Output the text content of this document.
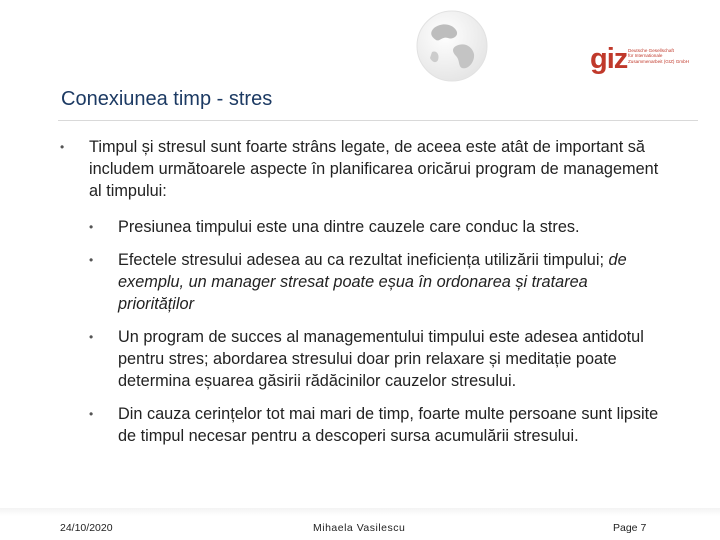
giz Deutsche Gesellschaft
für Internationale
Zusammenarbeit (GIZ) GmbH
Conexiunea timp - stres

• Timpul și stresul sunt foarte strâns legate, de aceea este atât de important să includem următoarele aspecte în planificarea oricărui program de management al timpului:

• Presiunea timpului este una dintre cauzele care conduc la stres.
• Efectele stresului adesea au ca rezultat ineficiența utilizării timpului; de exemplu, un manager stresat poate eșua în ordonarea și tratarea priorităților
• Un program de succes al managementului timpului este adesea antidotul pentru stres; abordarea stresului doar prin relaxare și meditație poate determina eșuarea găsirii rădăcinilor cauzelor stresului.
• Din cauza cerințelor tot mai mari de timp, foarte multe persoane sunt lipsite de timpul necesar pentru a descoperi sursa acumulării stresului.
24/10/2020	Mihaela Vasilescu	Page 7
